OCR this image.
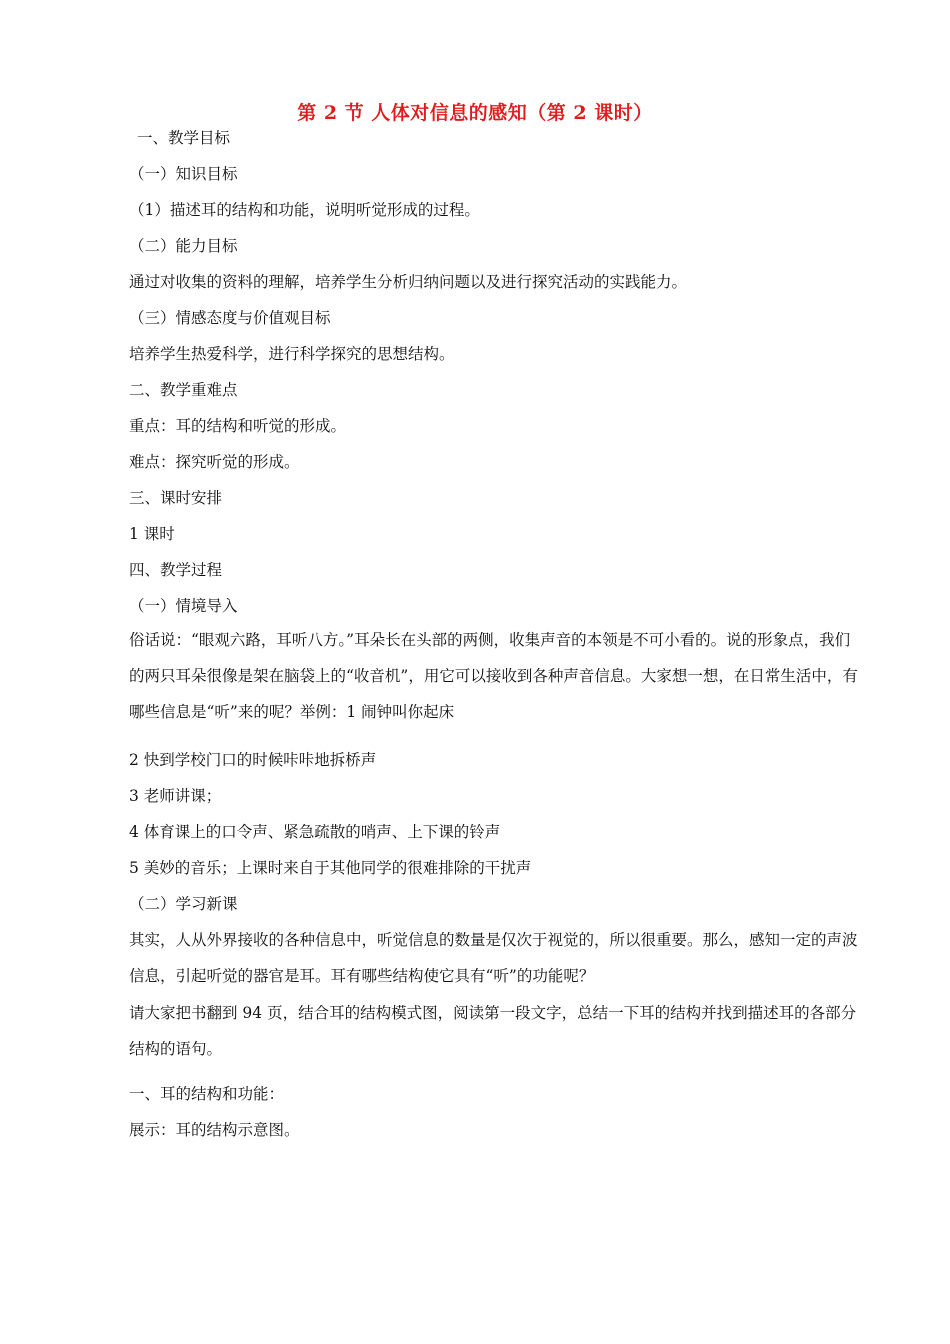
第 2 节 人体对信息的感知（第 2 课时）
一、教学目标
（一）知识目标
（1）描述耳的结构和功能，说明听觉形成的过程。
（二）能力目标
通过对收集的资料的理解，培养学生分析归纳问题以及进行探究活动的实践能力。
（三）情感态度与价值观目标
培养学生热爱科学，进行科学探究的思想结构。
二、教学重难点
重点：耳的结构和听觉的形成。
难点：探究听觉的形成。
三、课时安排
1 课时
四、教学过程
（一）情境导入
俗话说：“眼观六路，耳听八方。”耳朵长在头部的两侧，收集声音的本领是不可小看的。说的形象点，我们的两只耳朵很像是架在脑袋上的“收音机”，用它可以接收到各种声音信息。大家想一想，在日常生活中，有哪些信息是“听”来的呢？举例：1 闹钟叫你起床
2 快到学校门口的时候咔咔地拆桥声
3 老师讲课；
4 体育课上的口令声、紧急疏散的哨声、上下课的铃声
5 美妙的音乐；上课时来自于其他同学的很难排除的干扰声
（二）学习新课
其实，人从外界接收的各种信息中，听觉信息的数量是仅次于视觉的，所以很重要。那么，感知一定的声波信息，引起听觉的器官是耳。耳有哪些结构使它具有“听”的功能呢？
请大家把书翻到 94 页，结合耳的结构模式图，阅读第一段文字，总结一下耳的结构并找到描述耳的各部分结构的语句。
一、耳的结构和功能：
展示：耳的结构示意图。
